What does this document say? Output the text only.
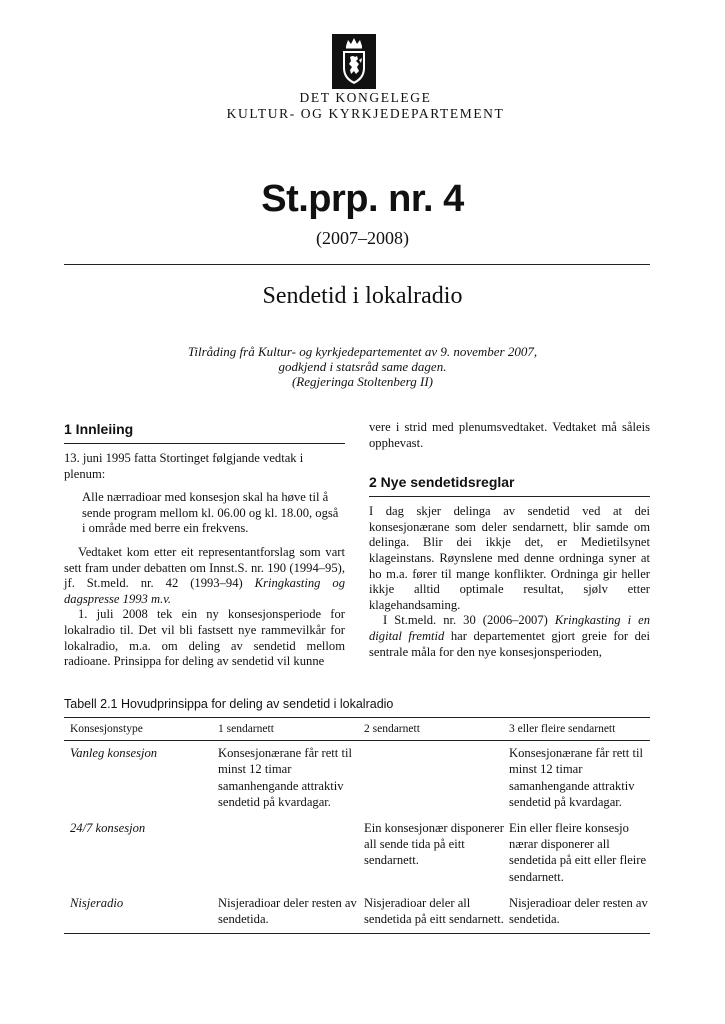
DET KONGELEGE
KULTUR- OG KYRKJEDEPARTEMENT
St.prp. nr. 4
(2007–2008)
Sendetid i lokalradio
Tilråding frå Kultur- og kyrkjedepartementet av 9. november 2007,
godkjend i statsråd same dagen.
(Regjeringa Stoltenberg II)
1 Innleiing

13. juni 1995 fatta Stortinget følgjande vedtak i plenum:

Alle nærradioar med konsesjon skal ha høve til å sende program mellom kl. 06.00 og kl. 18.00, også i område med berre ein frekvens.

Vedtaket kom etter eit representantforslag som vart sett fram under debatten om Innst.S. nr. 190 (1994–95), jf. St.meld. nr. 42 (1993–94) Kringkasting og dagspresse 1993 m.v.

1. juli 2008 tek ein ny konsesjonsperiode for lokalradio til. Det vil bli fastsett nye rammevilkår for lokalradio, m.a. om deling av sendetid mellom radioane. Prinsippa for deling av sendetid vil kunne

vere i strid med plenumsvedtaket. Vedtaket må såleis opphevast.

2 Nye sendetidsreglar

I dag skjer delinga av sendetid ved at dei konsesjonærane som deler sendarnett, blir samde om delinga. Blir dei ikkje det, er Medietilsynet klageinstans. Røynslene med denne ordninga syner at ho m.a. fører til mange konflikter. Ordninga gir heller ikkje alltid optimale resultat, sjølv etter klagehandsaming.

I St.meld. nr. 30 (2006–2007) Kringkasting i en digital fremtid har departementet gjort greie for dei sentrale måla for den nye konsesjonsperioden,

Tabell 2.1 Hovudprinsippa for deling av sendetid i lokalradio
Konsesjonstype	1 sendarnett	2 sendarnett	3 eller fleire sendarnett
Vanleg konsesjon	Konsesjonærane får rett til minst 12 timar samanhengande attraktiv sendetid på kvardagar.		Konsesjonærane får rett til minst 12 timar samanhengande attraktiv sendetid på kvardagar.
24/7 konsesjon		Ein konsesjonær disponerer all sende tida på eitt sendarnett.	Ein eller fleire konsesjo nærar disponerer all sendetida på eitt eller fleire sendarnett.
Nisjeradio	Nisjeradioar deler resten av sendetida.	Nisjeradioar deler all sendetida på eitt sendarnett.	Nisjeradioar deler resten av sendetida.
